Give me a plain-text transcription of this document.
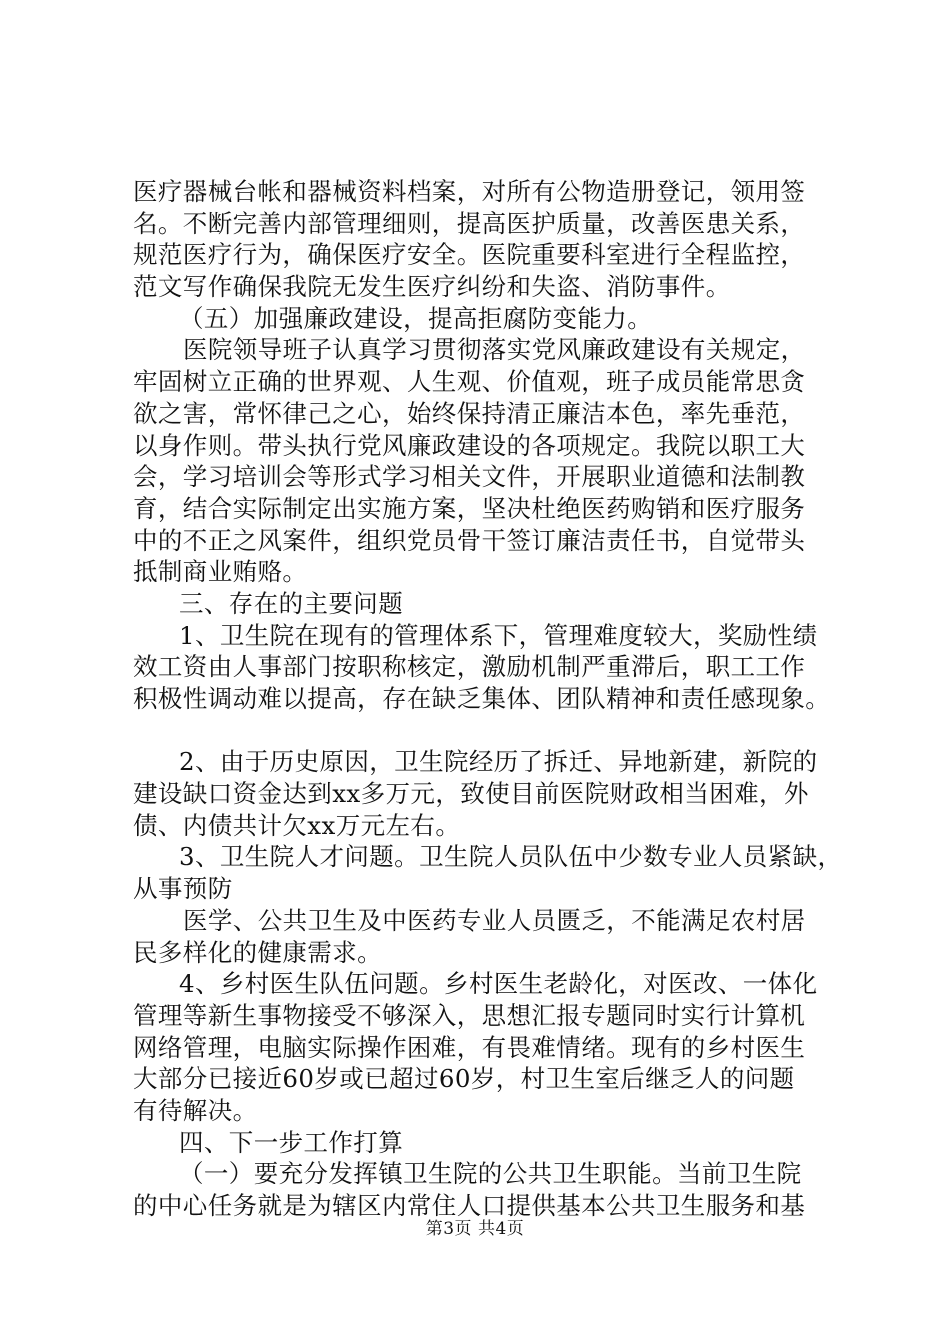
医疗器械台帐和器械资料档案，对所有公物造册登记，领用签
名。不断完善内部管理细则，提高医护质量，改善医患关系，
规范医疗行为，确保医疗安全。医院重要科室进行全程监控，
范文写作确保我院无发生医疗纠纷和失盗、消防事件。
（五）加强廉政建设，提高拒腐防变能力。
医院领导班子认真学习贯彻落实党风廉政建设有关规定，
牢固树立正确的世界观、人生观、价值观，班子成员能常思贪
欲之害，常怀律己之心，始终保持清正廉洁本色，率先垂范，
以身作则。带头执行党风廉政建设的各项规定。我院以职工大
会，学习培训会等形式学习相关文件，开展职业道德和法制教
育，结合实际制定出实施方案，坚决杜绝医药购销和医疗服务
中的不正之风案件，组织党员骨干签订廉洁责任书，自觉带头
抵制商业贿赂。
三、存在的主要问题
1、卫生院在现有的管理体系下，管理难度较大，奖励性绩
效工资由人事部门按职称核定，激励机制严重滞后，职工工作
积极性调动难以提高，存在缺乏集体、团队精神和责任感现象。
2、由于历史原因，卫生院经历了拆迁、异地新建，新院的
建设缺口资金达到xx多万元，致使目前医院财政相当困难，外
债、内债共计欠xx万元左右。
3、卫生院人才问题。卫生院人员队伍中少数专业人员紧缺，
从事预防
医学、公共卫生及中医药专业人员匮乏，不能满足农村居
民多样化的健康需求。
4、乡村医生队伍问题。乡村医生老龄化，对医改、一体化
管理等新生事物接受不够深入，思想汇报专题同时实行计算机
网络管理，电脑实际操作困难，有畏难情绪。现有的乡村医生
大部分已接近60岁或已超过60岁，村卫生室后继乏人的问题
有待解决。
四、下一步工作打算
（一）要充分发挥镇卫生院的公共卫生职能。当前卫生院
的中心任务就是为辖区内常住人口提供基本公共卫生服务和基
第3页 共4页
